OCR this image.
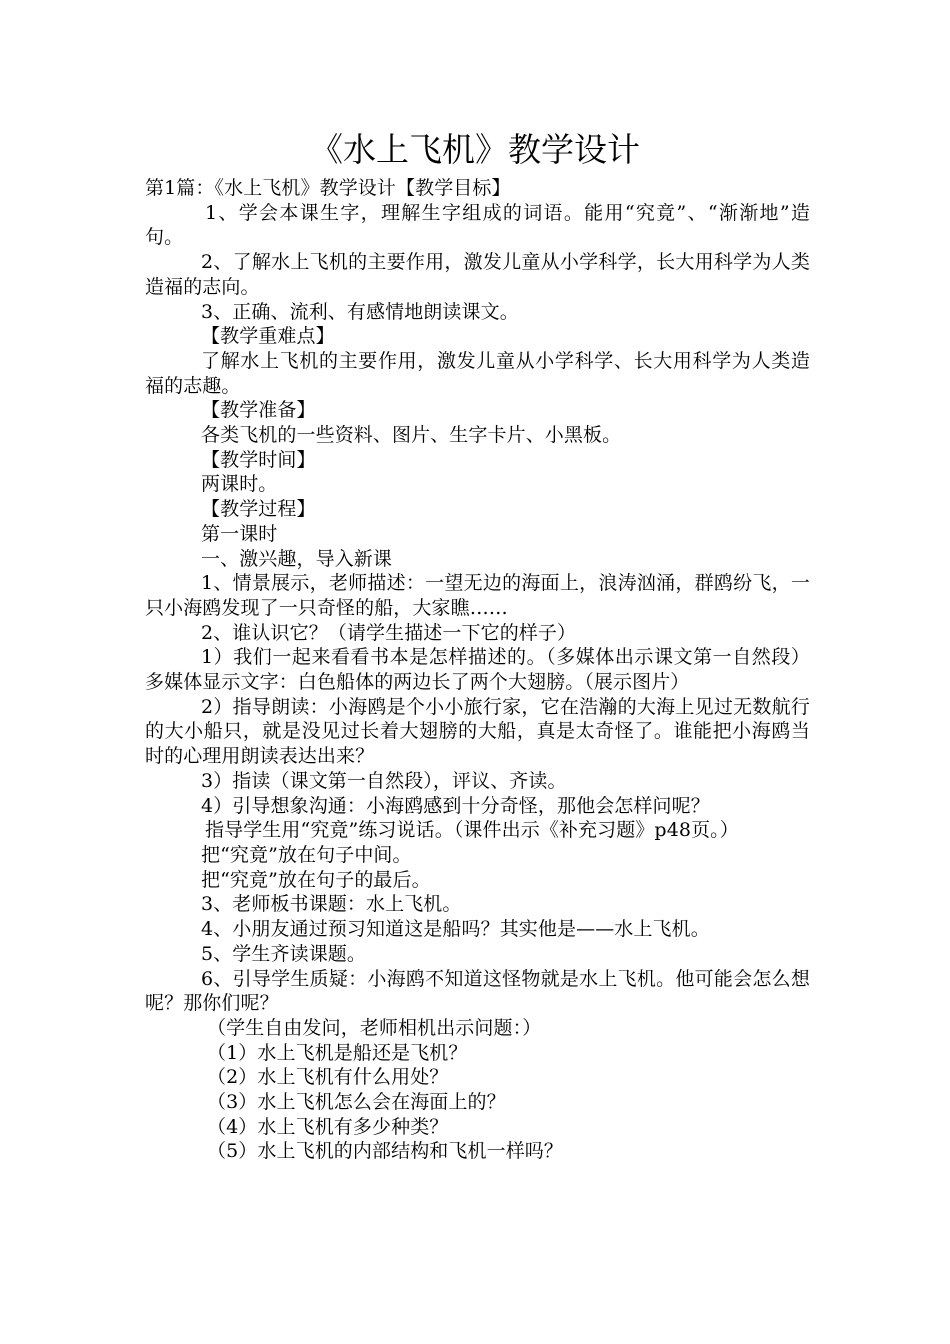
《水上飞机》教学设计

第1篇：《水上飞机》教学设计【教学目标】

1、学会本课生字，理解生字组成的词语。能用“究竟”、“渐渐地”造句。

2、了解水上飞机的主要作用，激发儿童从小学科学，长大用科学为人类造福的志向。

3、正确、流利、有感情地朗读课文。

【教学重难点】

了解水上飞机的主要作用，激发儿童从小学科学、长大用科学为人类造福的志趣。

【教学准备】

各类飞机的一些资料、图片、生字卡片、小黑板。

【教学时间】

两课时。

【教学过程】

第一课时

一、激兴趣，导入新课

1、情景展示，老师描述：一望无边的海面上，浪涛汹涌，群鸥纷飞，一只小海鸥发现了一只奇怪的船，大家瞧……

2、谁认识它？（请学生描述一下它的样子）

1）我们一起来看看书本是怎样描述的。（多媒体出示课文第一自然段）多媒体显示文字：白色船体的两边长了两个大翅膀。（展示图片）

2）指导朗读：小海鸥是个小小旅行家，它在浩瀚的大海上见过无数航行的大小船只，就是没见过长着大翅膀的大船，真是太奇怪了。谁能把小海鸥当时的心理用朗读表达出来？

3）指读（课文第一自然段），评议、齐读。

4）引导想象沟通：小海鸥感到十分奇怪，那他会怎样问呢？

指导学生用“究竟”练习说话。（课件出示《补充习题》p48页。）

把“究竟”放在句子中间。

把“究竟”放在句子的最后。

3、老师板书课题：水上飞机。

4、小朋友通过预习知道这是船吗？其实他是——水上飞机。

5、学生齐读课题。

6、引导学生质疑：小海鸥不知道这怪物就是水上飞机。他可能会怎么想呢？那你们呢？

（学生自由发问，老师相机出示问题：）

（1）水上飞机是船还是飞机？

（2）水上飞机有什么用处？

（3）水上飞机怎么会在海面上的？

（4）水上飞机有多少种类？

（5）水上飞机的内部结构和飞机一样吗？
